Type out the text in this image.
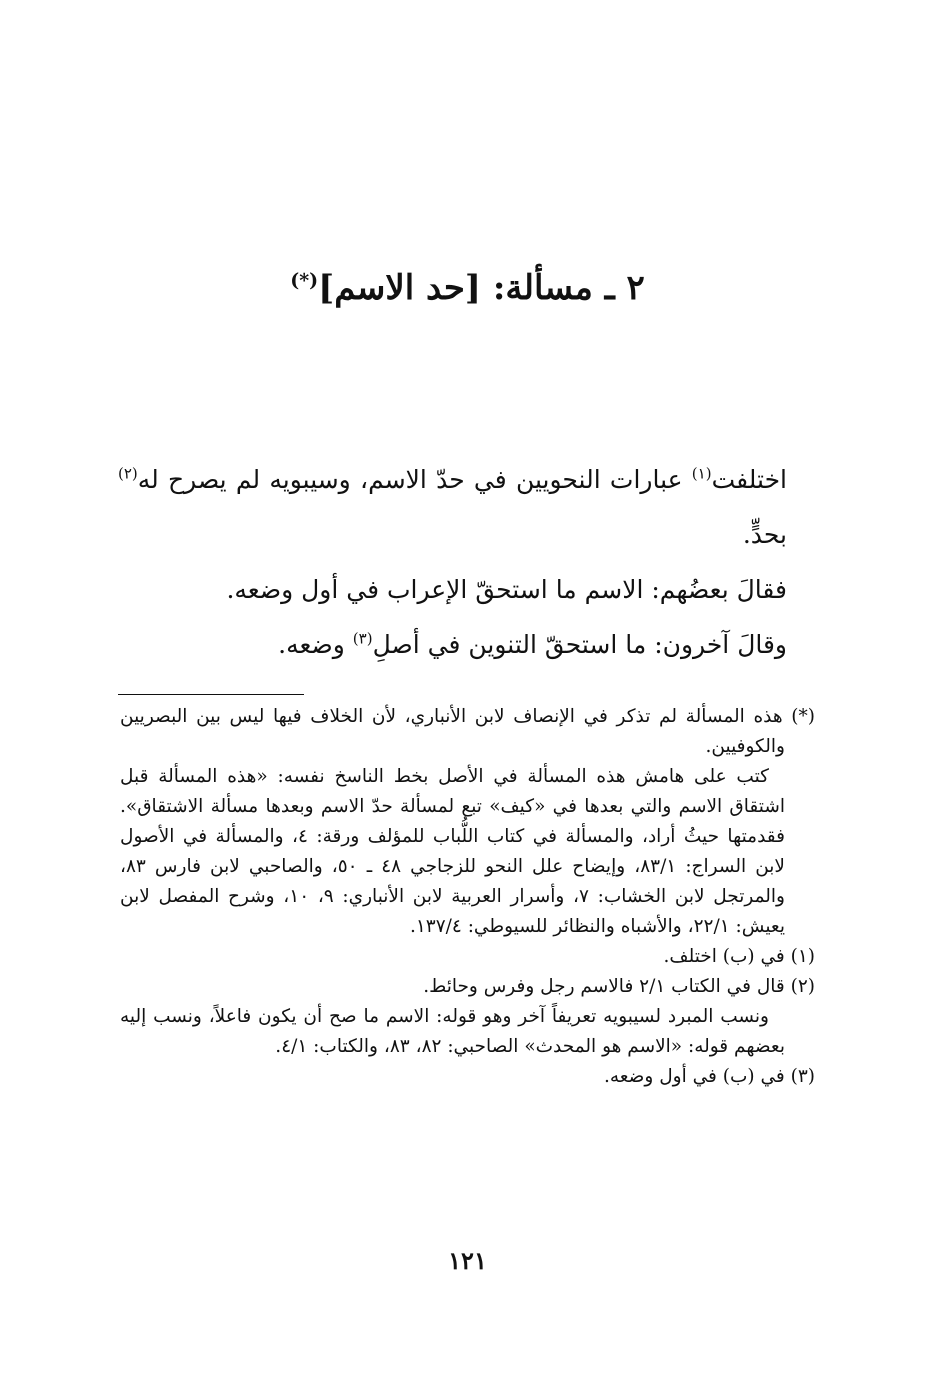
٢ ـ مسألة: [حد الاسم](*)

اختلفت$^{(١)}$ عبارات النحويين في حدّ الاسم، وسيبويه لم يصرح له$^{(٢)}$ بحدٍّ.

فقالَ بعضُهم: الاسم ما استحقّ الإعراب في أول وضعه.

وقالَ آخرون: ما استحقّ التنوين في أصلِ$^{(٣)}$ وضعه.

(*) هذه المسألة لم تذكر في الإنصاف لابن الأنباري، لأن الخلاف فيها ليس بين البصريين والكوفيين.

كتب على هامش هذه المسألة في الأصل بخط الناسخ نفسه: «هذه المسألة قبل اشتقاق الاسم والتي بعدها في «كيف» تبع لمسألة حدّ الاسم وبعدها مسألة الاشتقاق». فقدمتها حيثُ أراد، والمسألة في كتاب اللُّباب للمؤلف ورقة: ٤، والمسألة في الأصول لابن السراج: ٨٣/١، وإيضاح علل النحو للزجاجي ٤٨ ـ ٥٠، والصاحبي لابن فارس ٨٣، والمرتجل لابن الخشاب: ٧، وأسرار العربية لابن الأنباري: ٩، ١٠، وشرح المفصل لابن يعيش: ٢٢/١، والأشباه والنظائر للسيوطي: ١٣٧/٤.

(١) في (ب) اختلف.

(٢) قال في الكتاب ٢/١ فالاسم رجل وفرس وحائط.

ونسب المبرد لسيبويه تعريفاً آخر وهو قوله: الاسم ما صح أن يكون فاعلاً، ونسب إليه بعضهم قوله: «الاسم هو المحدث» الصاحبي: ٨٢، ٨٣، والكتاب: ٤/١.

(٣) في (ب) في أول وضعه.

١٢١
